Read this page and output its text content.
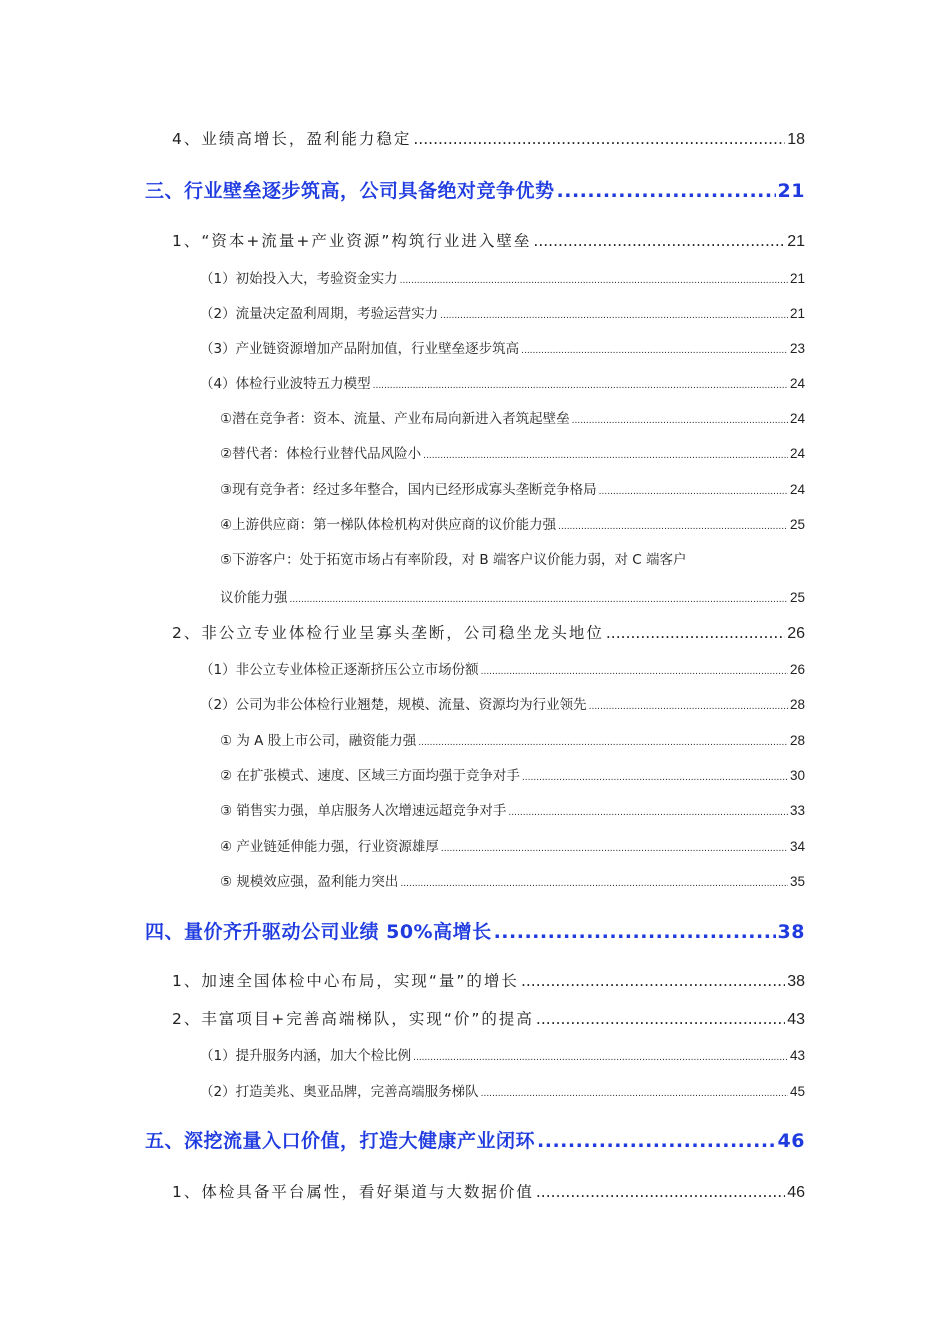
4、业绩高增长，盈利能力稳定 .....	18
三、行业壁垒逐步筑高，公司具备绝对竞争优势 .....	21
1、“资本+流量+产业资源”构筑行业进入壁垒 .....	21
（1）初始投入大，考验资金实力 .....	21
（2）流量决定盈利周期，考验运营实力 .....	21
（3）产业链资源增加产品附加值，行业壁垒逐步筑高 .....	23
（4）体检行业波特五力模型 .....	24
①潜在竞争者：资本、流量、产业布局向新进入者筑起壁垒 .....	24
②替代者：体检行业替代品风险小 .....	24
③现有竞争者：经过多年整合，国内已经形成寡头垄断竞争格局 .....	24
④上游供应商：第一梯队体检机构对供应商的议价能力强 .....	25
⑤下游客户：处于拓宽市场占有率阶段，对 B 端客户议价能力弱，对 C 端客户
议价能力强 .....	25
2、非公立专业体检行业呈寡头垄断，公司稳坐龙头地位 .....	26
（1）非公立专业体检正逐渐挤压公立市场份额 .....	26
（2）公司为非公体检行业翘楚，规模、流量、资源均为行业领先 .....	28
① 为 A 股上市公司，融资能力强 .....	28
② 在扩张模式、速度、区域三方面均强于竞争对手 .....	30
③ 销售实力强，单店服务人次增速远超竞争对手 .....	33
④ 产业链延伸能力强，行业资源雄厚 .....	34
⑤ 规模效应强，盈利能力突出 .....	35
四、量价齐升驱动公司业绩 50%高增长 .....	38
1、加速全国体检中心布局，实现“量”的增长 .....	38
2、丰富项目+完善高端梯队，实现“价”的提高 .....	43
（1）提升服务内涵，加大个检比例 .....	43
（2）打造美兆、奥亚品牌，完善高端服务梯队 .....	45
五、深挖流量入口价值，打造大健康产业闭环 .....	46
1、体检具备平台属性，看好渠道与大数据价值 .....	46
